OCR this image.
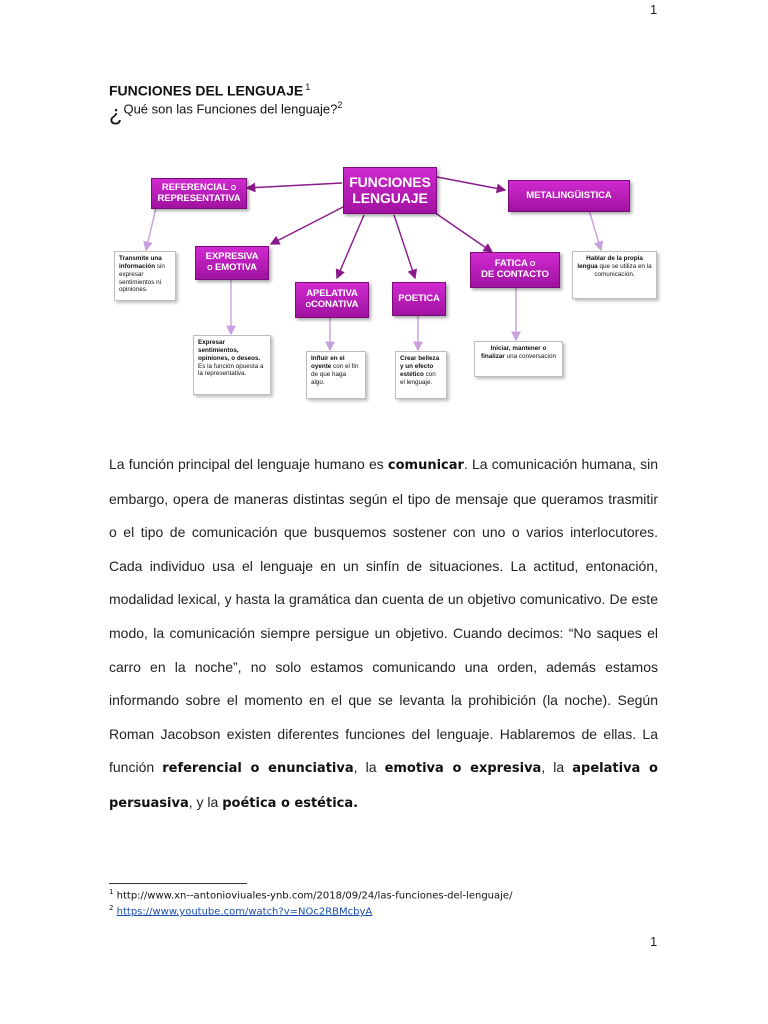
1
FUNCIONES DEL LENGUAJE $^1$
¿Qué son las Funciones del lenguaje?$^2$
FUNCIONES
LENGUAJE
REFERENCIAL O
REPRESENTATIVA
EXPRESIVA
O EMOTIVA
APELATIVA
OCONATIVA
POETICA
FATICA O
DE CONTACTO
METALINGÜISTICA
Transmite una información sin expresar sentimientos ni opiniones.
Expresar sentimientos, opiniones, o deseos. Es la función opuesta a la representativa.
Influir en el oyente con el fin de que haga algo.
Crear belleza y un efecto estético con el lenguaje.
Iniciar, mantener o finalizar una conversación
Hablar de la propia lengua que se utiliza en la comunicación.
La función principal del lenguaje humano es comunicar. La comunicación humana, sin embargo, opera de maneras distintas según el tipo de mensaje que queramos trasmitir o el tipo de comunicación que busquemos sostener con uno o varios interlocutores. Cada individuo usa el lenguaje en un sinfín de situaciones. La actitud, entonación, modalidad lexical, y hasta la gramática dan cuenta de un objetivo comunicativo. De este modo, la comunicación siempre persigue un objetivo. Cuando decimos: “No saques el carro en la noche”, no solo estamos comunicando una orden, además estamos informando sobre el momento en el que se levanta la prohibición (la noche). Según Roman Jacobson existen diferentes funciones del lenguaje. Hablaremos de ellas. La función referencial o enunciativa, la emotiva o expresiva, la apelativa o persuasiva, y la poética o estética.
$^1$ http://www.xn--antonioviuales-ynb.com/2018/09/24/las-funciones-del-lenguaje/
$^2$ https://www.youtube.com/watch?v=NOc2RBMcbyA
1
